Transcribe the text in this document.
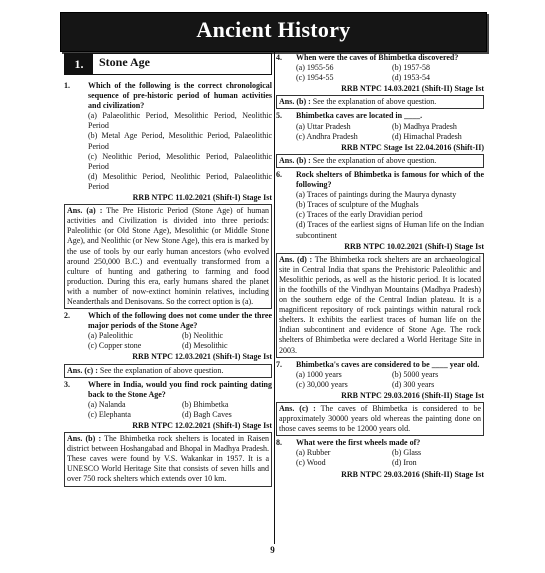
Ancient History
1.	Stone Age
1.	Which of the following is the correct chronological sequence of pre-historic period of human activities and civilization?
(a) Palaeolithic Period, Mesolithic Period, Neolithic Period
(b) Metal Age Period, Mesolithic Period, Palaeolithic Period
(c) Neolithic Period, Mesolithic Period, Palaeolithic Period
(d) Mesolithic Period, Neolithic Period, Palaeolithic Period
RRB NTPC 11.02.2021 (Shift-I) Stage Ist
Ans. (a) : The Pre Historic Period (Stone Age) of human activities and Civilization is divided into three periods: Paleolithic (or Old Stone Age), Mesolithic (or Middle Stone Age), and Neolithic (or New Stone Age), this era is marked by the use of tools by our early human ancestors (who evolved around 250,000 B.C.) and eventually transformed from a culture of hunting and gathering to farming and food production. During this era, early humans shared the planet with a number of now-extinct hominin relatives, including Neanderthals and Denisovans. So the correct option is (a).
2.	Which of the following does not come under the three major periods of the Stone Age?
(a) Paleolithic	(b) Neolithic
(c) Copper stone	(d) Mesolithic
RRB NTPC 12.03.2021 (Shift-I) Stage Ist
Ans. (c) : See the explanation of above question.
3.	Where in India, would you find rock painting dating back to the Stone Age?
(a) Nalanda	(b) Bhimbetka
(c) Elephanta	(d) Bagh Caves
RRB NTPC 12.02.2021 (Shift-I) Stage Ist
Ans. (b) : The Bhimbetka rock shelters is located in Raisen district between Hoshangabad and Bhopal in Madhya Pradesh. These caves were found by V.S. Wakankar in 1957. It is a UNESCO World Heritage Site that consists of seven hills and over 750 rock shelters which extends over 10 km.
4.	When were the caves of Bhimbetka discovered?
(a) 1955-56	(b) 1957-58
(c) 1954-55	(d) 1953-54
RRB NTPC 14.03.2021 (Shift-II) Stage Ist
Ans. (b) : See the explanation of above question.
5.	Bhimbetka caves are located in ____.
(a) Uttar Pradesh	(b) Madhya Pradesh
(c) Andhra Pradesh	(d) Himachal Pradesh
RRB NTPC Stage Ist 22.04.2016 (Shift-II)
Ans. (b) : See the explanation of above question.
6.	Rock shelters of Bhimbetka is famous for which of the following?
(a) Traces of paintings during the Maurya dynasty
(b) Traces of sculpture of the Mughals
(c) Traces of the early Dravidian period
(d) Traces of the earliest signs of Human life on the Indian subcontinent
RRB NTPC 10.02.2021 (Shift-I) Stage Ist
Ans. (d) : The Bhimbetka rock shelters are an archaeological site in Central India that spans the Prehistoric Paleolithic and Mesolithic periods, as well as the historic period. It is located in the foothills of the Vindhyan Mountains (Madhya Pradesh) on the southern edge of the Central Indian plateau. It is a magnificent repository of rock paintings within natural rock shelters. It exhibits the earliest traces of human life on the Indian subcontinent and evidence of Stone Age. The rock shelters of Bhimbetka were declared a World Heritage Site in 2003.
7.	Bhimbetka's caves are considered to be ____ year old.
(a) 1000 years	(b) 5000 years
(c) 30,000 years	(d) 300 years
RRB NTPC 29.03.2016 (Shift-II) Stage Ist
Ans. (c) : The caves of Bhimbetka is considered to be approximately 30000 years old whereas the painting done on those caves seems to be 12000 years old.
8.	What were the first wheels made of?
(a) Rubber	(b) Glass
(c) Wood	(d) Iron
RRB NTPC 29.03.2016 (Shift-II) Stage Ist
9
